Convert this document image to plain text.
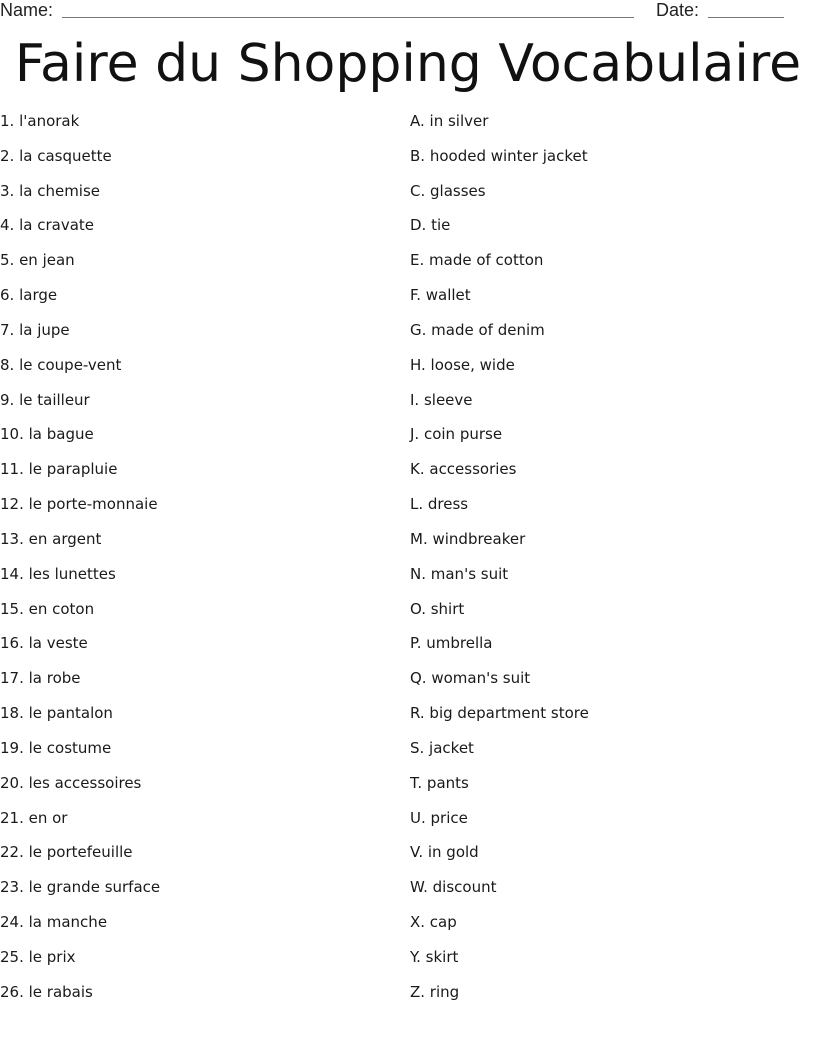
Name:	Date:
Faire du Shopping Vocabulaire
1. l'anorak
2. la casquette
3. la chemise
4. la cravate
5. en jean
6. large
7. la jupe
8. le coupe-vent
9. le tailleur
10. la bague
11. le parapluie
12. le porte-monnaie
13. en argent
14. les lunettes
15. en coton
16. la veste
17. la robe
18. le pantalon
19. le costume
20. les accessoires
21. en or
22. le portefeuille
23. le grande surface
24. la manche
25. le prix
26. le rabais
A. in silver
B. hooded winter jacket
C. glasses
D. tie
E. made of cotton
F. wallet
G. made of denim
H. loose, wide
I. sleeve
J. coin purse
K. accessories
L. dress
M. windbreaker
N. man's suit
O. shirt
P. umbrella
Q. woman's suit
R. big department store
S. jacket
T. pants
U. price
V. in gold
W. discount
X. cap
Y. skirt
Z. ring
